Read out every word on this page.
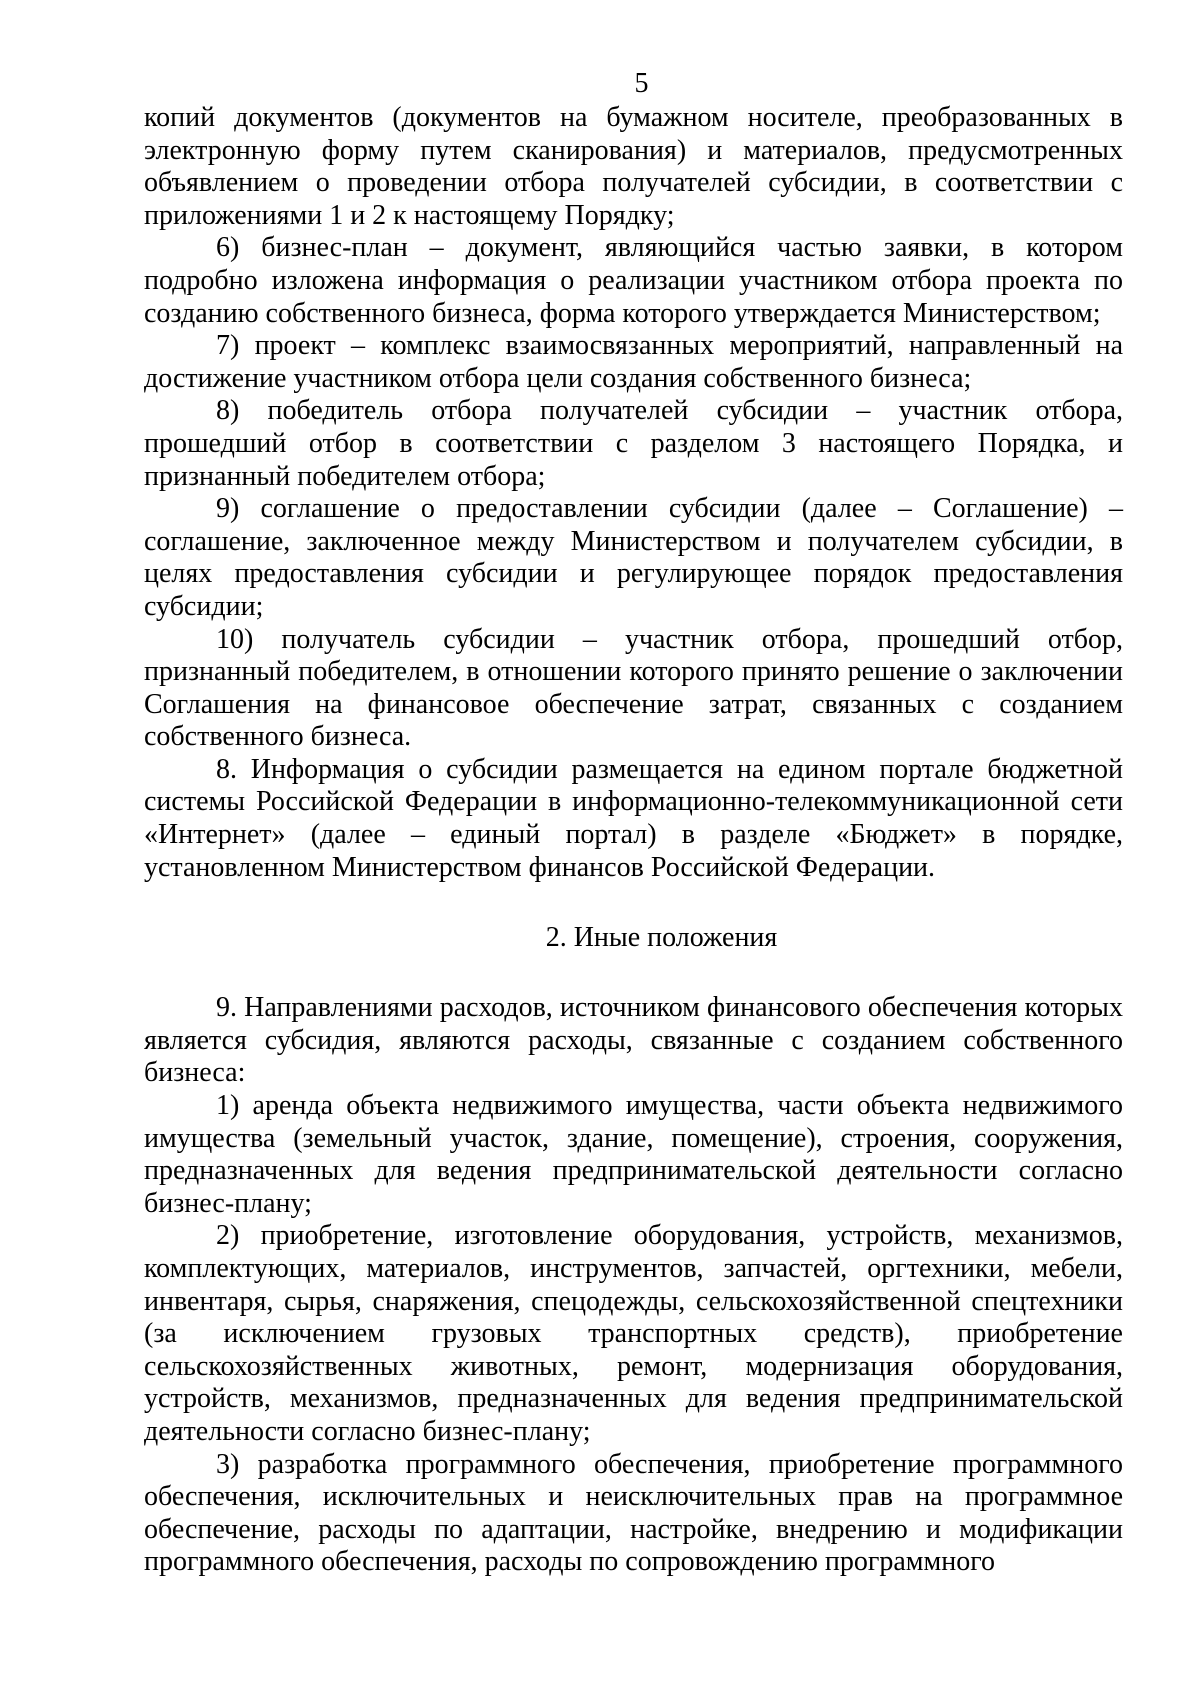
5

копий документов (документов на бумажном носителе, преобразованных в электронную форму путем сканирования) и материалов, предусмотренных объявлением о проведении отбора получателей субсидии, в соответствии с приложениями 1 и 2 к настоящему Порядку;

6) бизнес-план – документ, являющийся частью заявки, в котором подробно изложена информация о реализации участником отбора проекта по созданию собственного бизнеса, форма которого утверждается Министерством;

7) проект – комплекс взаимосвязанных мероприятий, направленный на достижение участником отбора цели создания собственного бизнеса;

8) победитель отбора получателей субсидии – участник отбора, прошедший отбор в соответствии с разделом 3 настоящего Порядка, и признанный победителем отбора;

9) соглашение о предоставлении субсидии (далее – Соглашение) – соглашение, заключенное между Министерством и получателем субсидии, в целях предоставления субсидии и регулирующее порядок предоставления субсидии;

10) получатель субсидии – участник отбора, прошедший отбор, признанный победителем, в отношении которого принято решение о заключении Соглашения на финансовое обеспечение затрат, связанных с созданием собственного бизнеса.

8. Информация о субсидии размещается на едином портале бюджетной системы Российской Федерации в информационно-телекоммуникационной сети «Интернет» (далее – единый портал) в разделе «Бюджет» в порядке, установленном Министерством финансов Российской Федерации.

2. Иные положения

9. Направлениями расходов, источником финансового обеспечения которых является субсидия, являются расходы, связанные с созданием собственного бизнеса:

1) аренда объекта недвижимого имущества, части объекта недвижимого имущества (земельный участок, здание, помещение), строения, сооружения, предназначенных для ведения предпринимательской деятельности согласно бизнес-плану;

2) приобретение, изготовление оборудования, устройств, механизмов, комплектующих, материалов, инструментов, запчастей, оргтехники, мебели, инвентаря, сырья, снаряжения, спецодежды, сельскохозяйственной спецтехники (за исключением грузовых транспортных средств), приобретение сельскохозяйственных животных, ремонт, модернизация оборудования, устройств, механизмов, предназначенных для ведения предпринимательской деятельности согласно бизнес-плану;

3) разработка программного обеспечения, приобретение программного обеспечения, исключительных и неисключительных прав на программное обеспечение, расходы по адаптации, настройке, внедрению и модификации программного обеспечения, расходы по сопровождению программного
